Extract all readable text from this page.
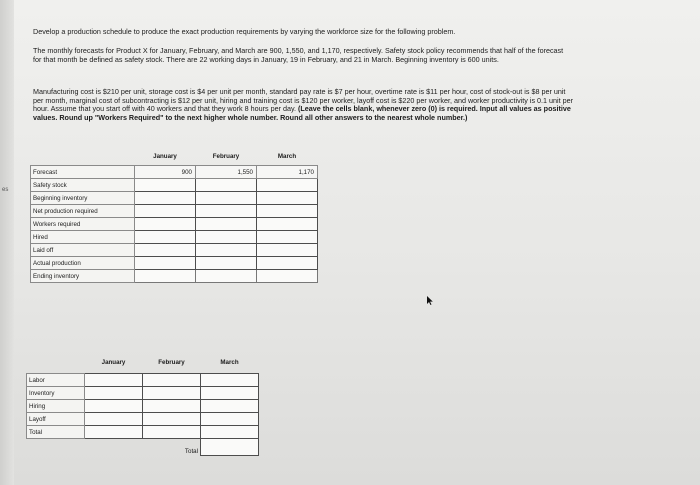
es
Develop a production schedule to produce the exact production requirements by varying the workforce size for the following problem.
The monthly forecasts for Product X for January, February, and March are 900, 1,550, and 1,170, respectively. Safety stock policy recommends that half of the forecast for that month be defined as safety stock. There are 22 working days in January, 19 in February, and 21 in March. Beginning inventory is 600 units.
Manufacturing cost is $210 per unit, storage cost is $4 per unit per month, standard pay rate is $7 per hour, overtime rate is $11 per hour, cost of stock-out is $8 per unit per month, marginal cost of subcontracting is $12 per unit, hiring and training cost is $120 per worker, layoff cost is $220 per worker, and worker productivity is 0.1 unit per hour. Assume that you start off with 40 workers and that they work 8 hours per day. (Leave the cells blank, whenever zero (0) is required. Input all values as positive values. Round up "Workers Required" to the next higher whole number. Round all other answers to the nearest whole number.)
	January	February	March
Forecast	900	1,550	1,170
Safety stock			
Beginning inventory			
Net production required			
Workers required			
Hired			
Laid off			
Actual production			
Ending inventory			
	January	February	March
Labor			
Inventory			
Hiring			
Layoff			
Total			
		Total	
